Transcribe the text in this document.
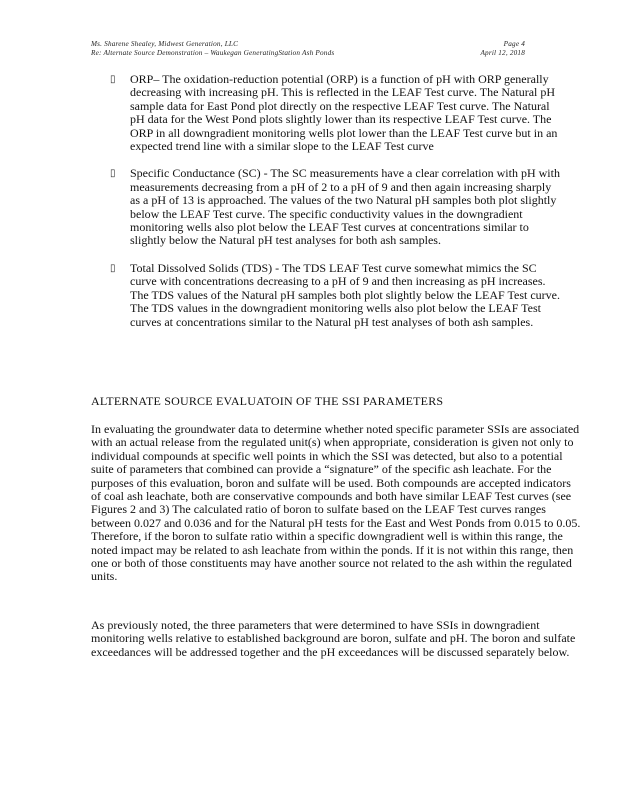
Ms. Sharene Shealey, Midwest Generation, LLC
Re: Alternate Source Demonstration – Waukegan GeneratingStation Ash Ponds
Page 4
April 12, 2018
▯ ORP– The oxidation-reduction potential (ORP) is a function of pH with ORP generally decreasing with increasing pH. This is reflected in the LEAF Test curve. The Natural pH sample data for East Pond plot directly on the respective LEAF Test curve. The Natural pH data for the West Pond plots slightly lower than its respective LEAF Test curve. The ORP in all downgradient monitoring wells plot lower than the LEAF Test curve but in an expected trend line with a similar slope to the LEAF Test curve
▯ Specific Conductance (SC) - The SC measurements have a clear correlation with pH with measurements decreasing from a pH of 2 to a pH of 9 and then again increasing sharply as a pH of 13 is approached. The values of the two Natural pH samples both plot slightly below the LEAF Test curve. The specific conductivity values in the downgradient monitoring wells also plot below the LEAF Test curves at concentrations similar to slightly below the Natural pH test analyses for both ash samples.
▯ Total Dissolved Solids (TDS) - The TDS LEAF Test curve somewhat mimics the SC curve with concentrations decreasing to a pH of 9 and then increasing as pH increases. The TDS values of the Natural pH samples both plot slightly below the LEAF Test curve. The TDS values in the downgradient monitoring wells also plot below the LEAF Test curves at concentrations similar to the Natural pH test analyses of both ash samples.
ALTERNATE SOURCE EVALUATOIN OF THE SSI PARAMETERS
In evaluating the groundwater data to determine whether noted specific parameter SSIs are associated with an actual release from the regulated unit(s) when appropriate, consideration is given not only to individual compounds at specific well points in which the SSI was detected, but also to a potential suite of parameters that combined can provide a “signature” of the specific ash leachate. For the purposes of this evaluation, boron and sulfate will be used. Both compounds are accepted indicators of coal ash leachate, both are conservative compounds and both have similar LEAF Test curves (see Figures 2 and 3) The calculated ratio of boron to sulfate based on the LEAF Test curves ranges between 0.027 and 0.036 and for the Natural pH tests for the East and West Ponds from 0.015 to 0.05. Therefore, if the boron to sulfate ratio within a specific downgradient well is within this range, the noted impact may be related to ash leachate from within the ponds. If it is not within this range, then one or both of those constituents may have another source not related to the ash within the regulated units.
As previously noted, the three parameters that were determined to have SSIs in downgradient monitoring wells relative to established background are boron, sulfate and pH. The boron and sulfate exceedances will be addressed together and the pH exceedances will be discussed separately below.
